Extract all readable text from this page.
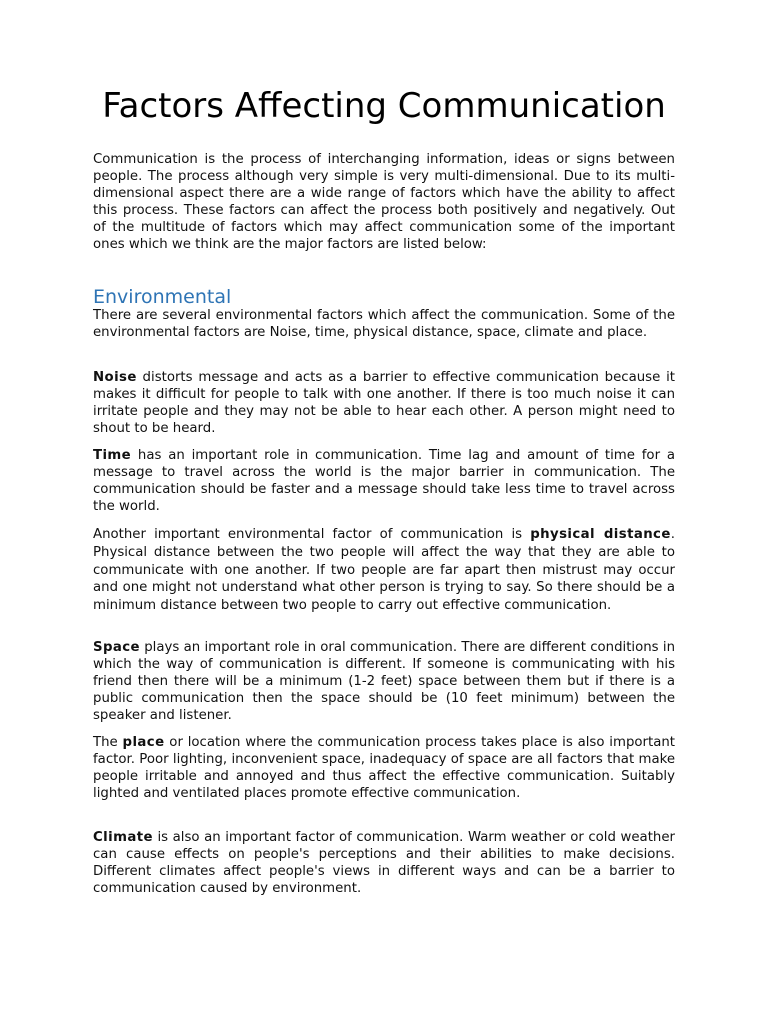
Factors Affecting Communication

Communication is the process of interchanging information, ideas or signs between people. The process although very simple is very multi-dimensional. Due to its multi-dimensional aspect there are a wide range of factors which have the ability to affect this process. These factors can affect the process both positively and negatively. Out of the multitude of factors which may affect communication some of the important ones which we think are the major factors are listed below:

Environmental

There are several environmental factors which affect the communication. Some of the environmental factors are Noise, time, physical distance, space, climate and place.

Noise distorts message and acts as a barrier to effective communication because it makes it difficult for people to talk with one another. If there is too much noise it can irritate people and they may not be able to hear each other. A person might need to shout to be heard.

Time has an important role in communication. Time lag and amount of time for a message to travel across the world is the major barrier in communication. The communication should be faster and a message should take less time to travel across the world.

Another important environmental factor of communication is physical distance. Physical distance between the two people will affect the way that they are able to communicate with one another. If two people are far apart then mistrust may occur and one might not understand what other person is trying to say. So there should be a minimum distance between two people to carry out effective communication.

Space plays an important role in oral communication. There are different conditions in which the way of communication is different. If someone is communicating with his friend then there will be a minimum (1-2 feet) space between them but if there is a public communication then the space should be (10 feet minimum) between the speaker and listener.

The place or location where the communication process takes place is also important factor. Poor lighting, inconvenient space, inadequacy of space are all factors that make people irritable and annoyed and thus affect the effective communication. Suitably lighted and ventilated places promote effective communication.

Climate is also an important factor of communication. Warm weather or cold weather can cause effects on people's perceptions and their abilities to make decisions. Different climates affect people's views in different ways and can be a barrier to communication caused by environment.
